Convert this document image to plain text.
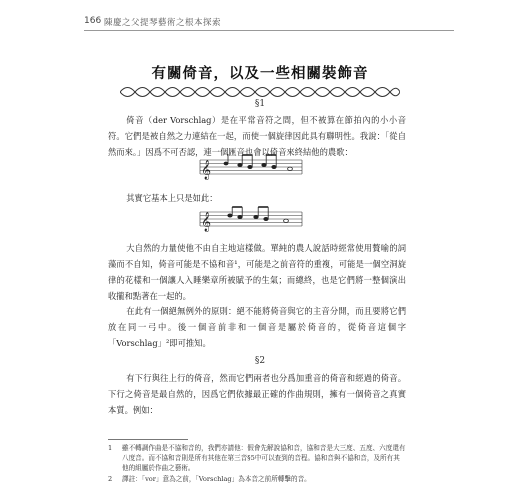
166 陳慶之父提琴藝術之根本探索
有關倚音，以及一些相關裝飾音
§1

倚音（der Vorschlag）是在平常音符之間，但不被算在節拍內的小小音符。它們是被自然之力連結在一起，而使一個旋律因此具有聯明性。我說：「從自然而來。」因爲不可否認，連一個匯音也會以倚音來終結他的農歌：

𝄞

其實它基本上只是如此：

𝄞

大自然的力量使他不由自主地這樣做。單純的農人說話時經常使用贅喻的詞藻而不自知，倚音可能是不協和音¹，可能是之前音符的重複，可能是一個空洞旋律的花樣和一個讓人入睡樂章所被賦予的生氣；而總終，也是它們將一整個演出收攏和點著在一起的。

在此有一個絕無例外的原則：絕不能將倚音與它的主音分開，而且要將它們放在同一弓中。後一個音前非和一個音是屬於倚音的，從倚音這個字「Vorschlag」²即可推知。

§2

有下行與往上行的倚音，然而它們兩者也分爲加重音的倚音和經過的倚音。下行之倚音是最自然的，因爲它們依據最正確的作曲規則，擁有一個倚音之真實本質。例如：

1 雖不轉調作曲是不協和音的，我們亦請他：假會先解說協和音，協和音是大三度、五度、六度還有八度音。而不協和音則是所有其他在第三音§5中可以查到的音程。協和音與不協和音，及所有其他的組屬於作曲之藝術。
2 譯註：「vor」意為之前，「Vorschlag」為本音之前所轉擊的音。
